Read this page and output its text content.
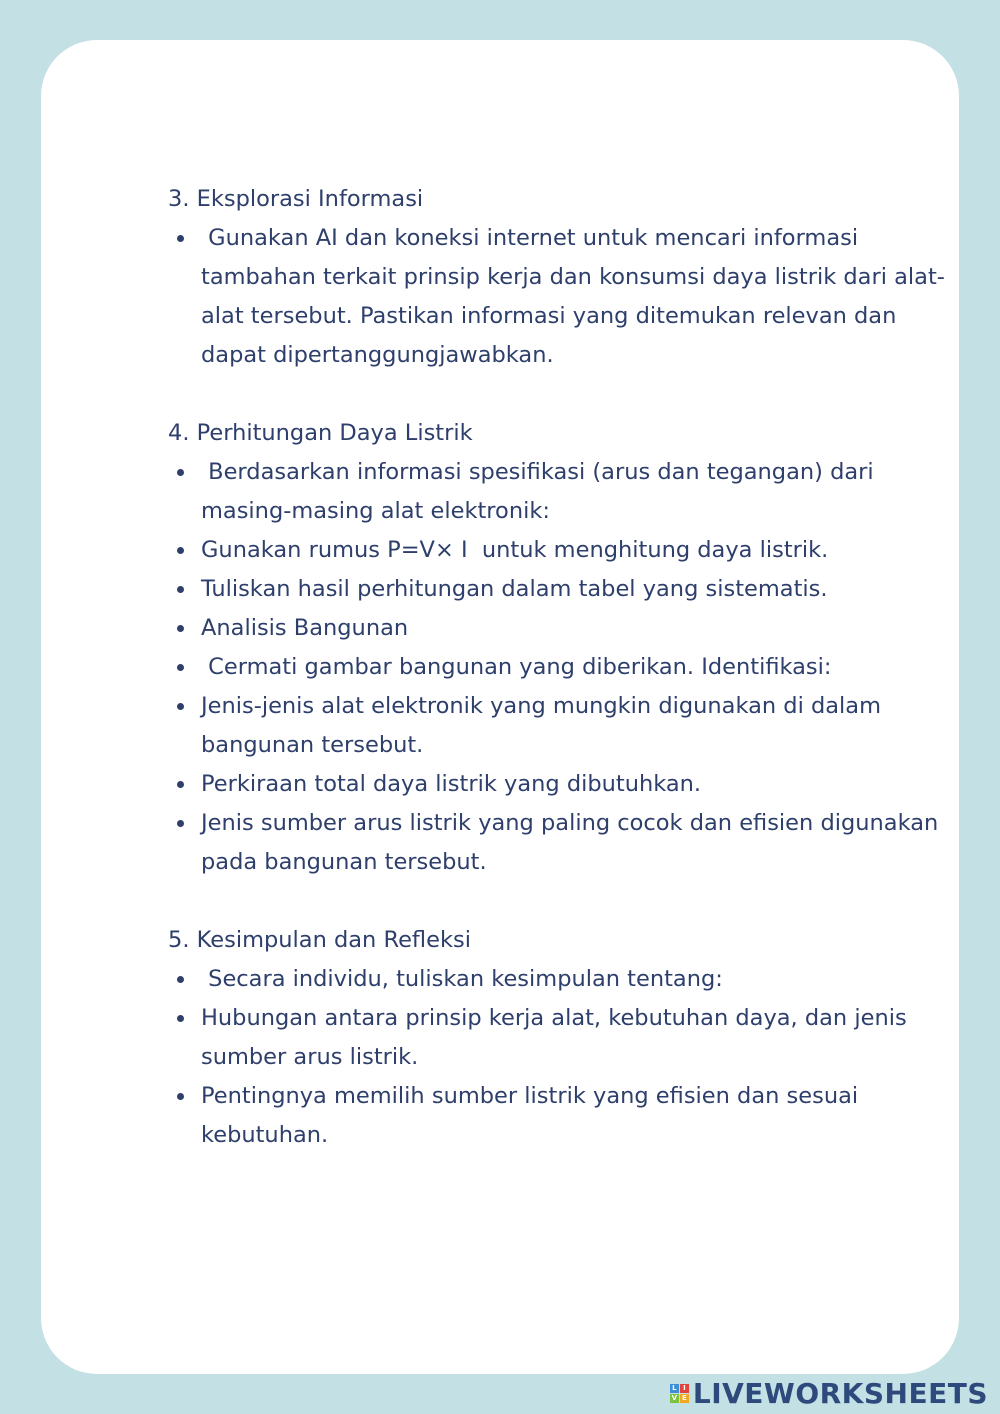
3. Eksplorasi Informasi

Gunakan AI dan koneksi internet untuk mencari informasi tambahan terkait prinsip kerja dan konsumsi daya listrik dari alat-alat tersebut. Pastikan informasi yang ditemukan relevan dan dapat dipertanggungjawabkan.

4. Perhitungan Daya Listrik

Berdasarkan informasi spesifikasi (arus dan tegangan) dari masing-masing alat elektronik:
Gunakan rumus P=V× I  untuk menghitung daya listrik.
Tuliskan hasil perhitungan dalam tabel yang sistematis.
Analisis Bangunan
Cermati gambar bangunan yang diberikan. Identifikasi:
Jenis-jenis alat elektronik yang mungkin digunakan di dalam bangunan tersebut.
Perkiraan total daya listrik yang dibutuhkan.
Jenis sumber arus listrik yang paling cocok dan efisien digunakan pada bangunan tersebut.

5. Kesimpulan dan Refleksi

Secara individu, tuliskan kesimpulan tentang:
Hubungan antara prinsip kerja alat, kebutuhan daya, dan jenis sumber arus listrik.
Pentingnya memilih sumber listrik yang efisien dan sesuai kebutuhan.
L I
V E LIVEWORKSHEETS
